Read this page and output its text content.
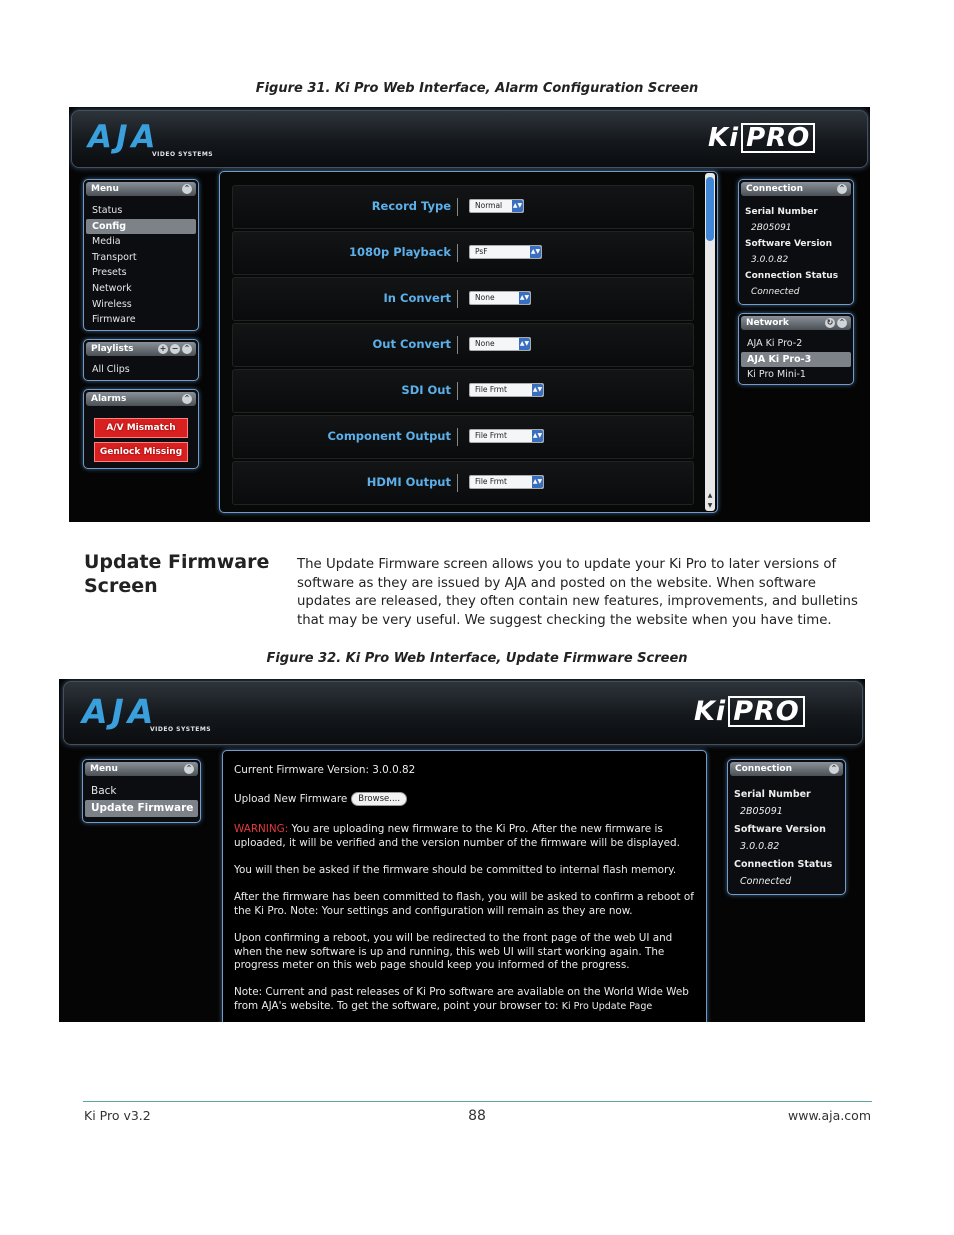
Figure 31. Ki Pro Web Interface, Alarm Configuration Screen
AJA
VIDEO SYSTEMS
Ki PRO
Menu	⌃
Status
Config
Media
Transport
Presets
Network
Wireless
Firmware
Playlists	+ − ⌃
All Clips
Alarms	⌃
A/V Mismatch
Genlock Missing
Record Type	Normal ▲▼
1080p Playback	PsF	▲▼
In Convert	None	▲▼
Out Convert	None	▲▼
SDI Out	File Frmt	▲▼
Component Output	File Frmt	▲▼
HDMI Output	File Frmt	▲▼
▲
▼
Connection	⌃
Serial Number
2B05091
Software Version
3.0.0.82
Connection Status
Connected
Network	↻ ⌃
AJA Ki Pro-2
AJA Ki Pro-3
Ki Pro Mini-1
Update Firmware Screen
The Update Firmware screen allows you to update your Ki Pro to later versions of software as they are issued by AJA and posted on the website. When software updates are released, they often contain new features, improvements, and bulletins that may be very useful. We suggest checking the website when you have time.
Figure 32. Ki Pro Web Interface, Update Firmware Screen
AJA
VIDEO SYSTEMS
Ki PRO
Menu	⌃
Back
Update Firmware
Current Firmware Version: 3.0.0.82
Upload New Firmware Browse....
WARNING: You are uploading new firmware to the Ki Pro. After the new firmware is uploaded, it will be verified and the version number of the firmware will be displayed.
You will then be asked if the firmware should be committed to internal flash memory.
After the firmware has been committed to flash, you will be asked to confirm a reboot of the Ki Pro. Note: Your settings and configuration will remain as they are now.
Upon confirming a reboot, you will be redirected to the front page of the web UI and when the new software is up and running, this web UI will start working again. The progress meter on this web page should keep you informed of the progress.
Note: Current and past releases of Ki Pro software are available on the World Wide Web from AJA's website. To get the software, point your browser to: Ki Pro Update Page
Connection	⌃
Serial Number
2B05091
Software Version
3.0.0.82
Connection Status
Connected
Ki Pro v3.2	88	www.aja.com
